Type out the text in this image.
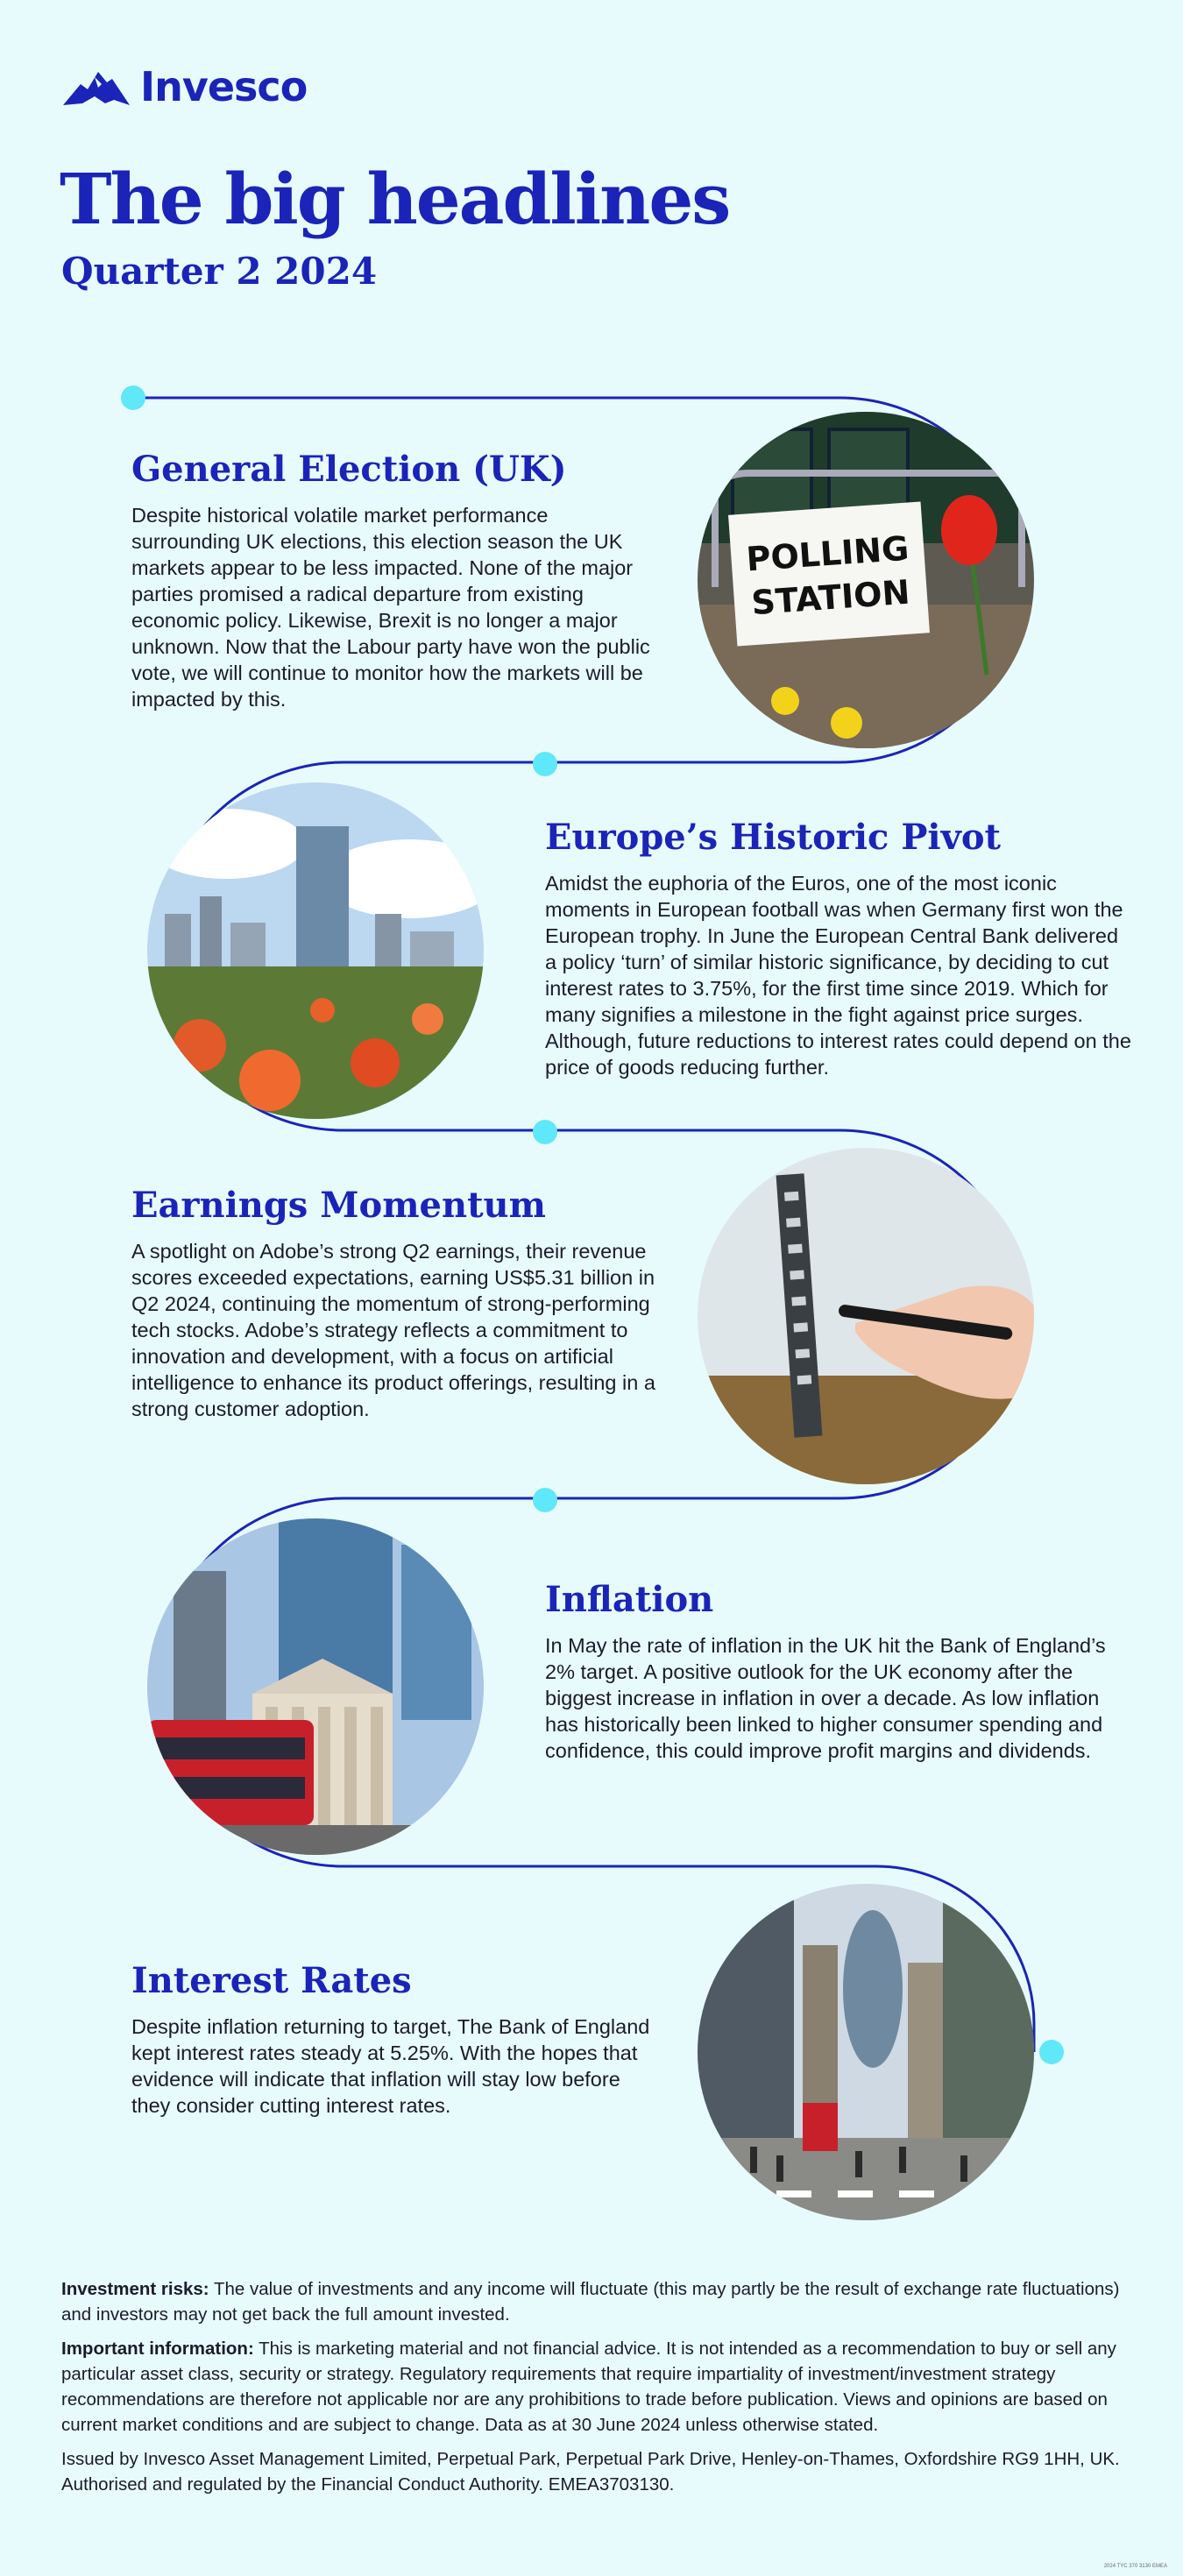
Invesco
The big headlines
Quarter 2 2024
General Election (UK)

Despite historical volatile market performance surrounding UK elections, this election season the UK markets appear to be less impacted. None of the major parties promised a radical departure from existing economic policy. Likewise, Brexit is no longer a major unknown. Now that the Labour party have won the public vote, we will continue to monitor how the markets will be impacted by this.

POLLING
STATION
Europe’s Historic Pivot

Amidst the euphoria of the Euros, one of the most iconic moments in European football was when Germany first won the European trophy. In June the European Central Bank delivered a policy ‘turn’ of similar historic significance, by deciding to cut interest rates to 3.75%, for the first time since 2019. Which for many signifies a milestone in the fight against price surges. Although, future reductions to interest rates could depend on the price of goods reducing further.

Earnings Momentum

A spotlight on Adobe’s strong Q2 earnings, their revenue scores exceeded expectations, earning US$5.31 billion in Q2 2024, continuing the momentum of strong-performing tech stocks. Adobe’s strategy reflects a commitment to innovation and development, with a focus on artificial intelligence to enhance its product offerings, resulting in a strong customer adoption.

Inflation

In May the rate of inflation in the UK hit the Bank of England’s 2% target. A positive outlook for the UK economy after the biggest increase in inflation in over a decade. As low inflation has historically been linked to higher consumer spending and confidence, this could improve profit margins and dividends.

Interest Rates

Despite inflation returning to target, The Bank of England kept interest rates steady at 5.25%. With the hopes that evidence will indicate that inflation will stay low before they consider cutting interest rates.

Investment risks: The value of investments and any income will fluctuate (this may partly be the result of exchange rate fluctuations) and investors may not get back the full amount invested.

Important information: This is marketing material and not financial advice. It is not intended as a recommendation to buy or sell any particular asset class, security or strategy. Regulatory requirements that require impartiality of investment/investment strategy recommendations are therefore not applicable nor are any prohibitions to trade before publication. Views and opinions are based on current market conditions and are subject to change. Data as at 30 June 2024 unless otherwise stated.

Issued by Invesco Asset Management Limited, Perpetual Park, Perpetual Park Drive, Henley-on-Thames, Oxfordshire RG9 1HH, UK. Authorised and regulated by the Financial Conduct Authority. EMEA3703130.

2024 TYC 370 3130 EMEA
